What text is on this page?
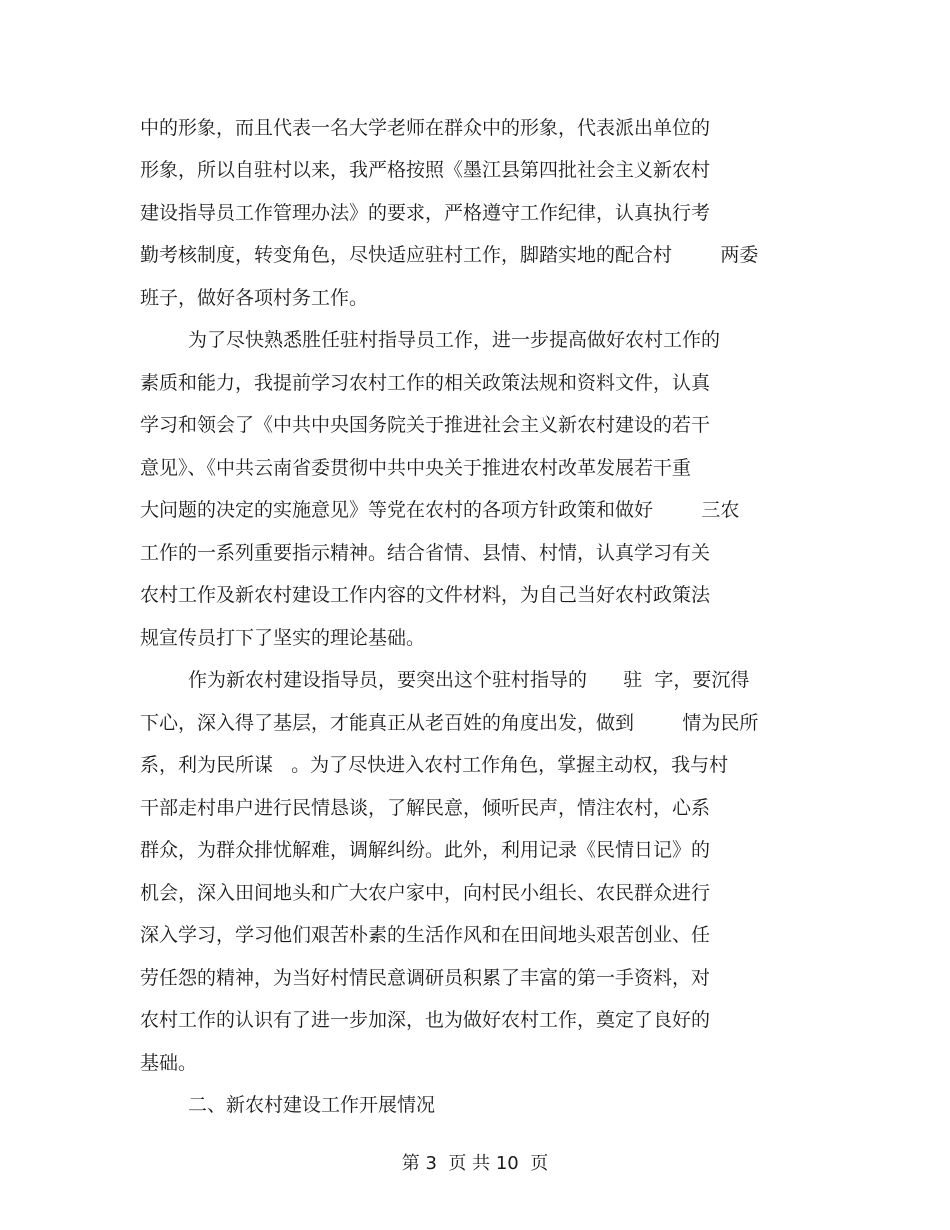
中的形象，而且代表一名大学老师在群众中的形象，代表派出单位的
形象，所以自驻村以来，我严格按照《墨江县第四批社会主义新农村
建设指导员工作管理办法》的要求，严格遵守工作纪律，认真执行考
勤考核制度，转变角色，尽快适应驻村工作，脚踏实地的配合村        两委
班子，做好各项村务工作。
为了尽快熟悉胜任驻村指导员工作，进一步提高做好农村工作的
素质和能力，我提前学习农村工作的相关政策法规和资料文件，认真
学习和领会了《中共中央国务院关于推进社会主义新农村建设的若干
意见》、《中共云南省委贯彻中共中央关于推进农村改革发展若干重
大问题的决定的实施意见》等党在农村的各项方针政策和做好        三农
工作的一系列重要指示精神。结合省情、县情、村情，认真学习有关
农村工作及新农村建设工作内容的文件材料，为自己当好农村政策法
规宣传员打下了坚实的理论基础。
作为新农村建设指导员，要突出这个驻村指导的      驻  字，要沉得
下心，深入得了基层，才能真正从老百姓的角度出发，做到        情为民所
系，利为民所谋   。为了尽快进入农村工作角色，掌握主动权，我与村
干部走村串户进行民情恳谈，了解民意，倾听民声，情注农村，心系
群众，为群众排忧解难，调解纠纷。此外，利用记录《民情日记》的
机会，深入田间地头和广大农户家中，向村民小组长、农民群众进行
深入学习，学习他们艰苦朴素的生活作风和在田间地头艰苦创业、任
劳任怨的精神，为当好村情民意调研员积累了丰富的第一手资料，对
农村工作的认识有了进一步加深，也为做好农村工作，奠定了良好的
基础。
二、新农村建设工作开展情况
第 3  页 共 10  页
